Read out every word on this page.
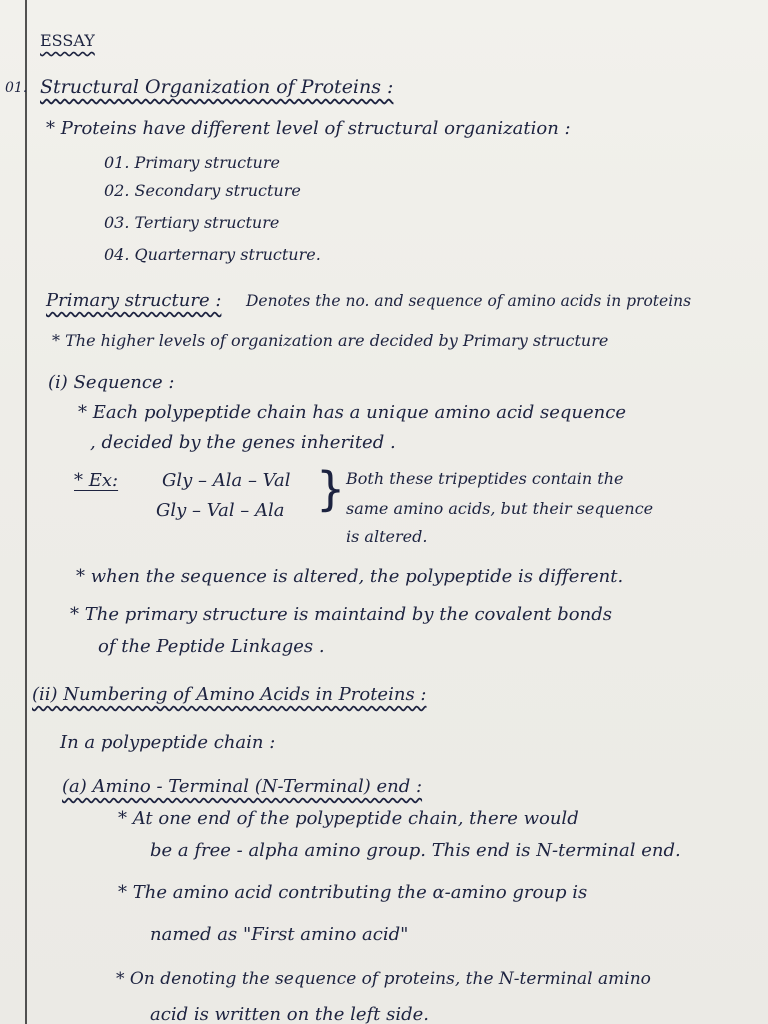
ESSAY
01. Structural Organization of Proteins :
* Proteins have different level of structural organization :
01. Primary structure
02. Secondary structure
03. Tertiary structure
04. Quarternary structure.
Primary structure : Denotes the no. and sequence of amino acids in proteins
* The higher levels of organization are decided by Primary structure
(i) Sequence :
* Each polypeptide chain has a unique amino acid sequence
, decided by the genes inherited .
* Ex: Gly – Ala – Val
Gly – Val – Ala } Both these tripeptides contain the
same amino acids, but their sequence
is altered.
* when the sequence is altered, the polypeptide is different.
* The primary structure is maintaind by the covalent bonds
of the Peptide Linkages .
(ii) Numbering of Amino Acids in Proteins :
In a polypeptide chain :
(a) Amino - Terminal (N-Terminal) end :
* At one end of the polypeptide chain, there would
be a free - alpha amino group. This end is N-terminal end.
* The amino acid contributing the α-amino group is
named as "First amino acid"
* On denoting the sequence of proteins, the N-terminal amino
acid is written on the left side.
